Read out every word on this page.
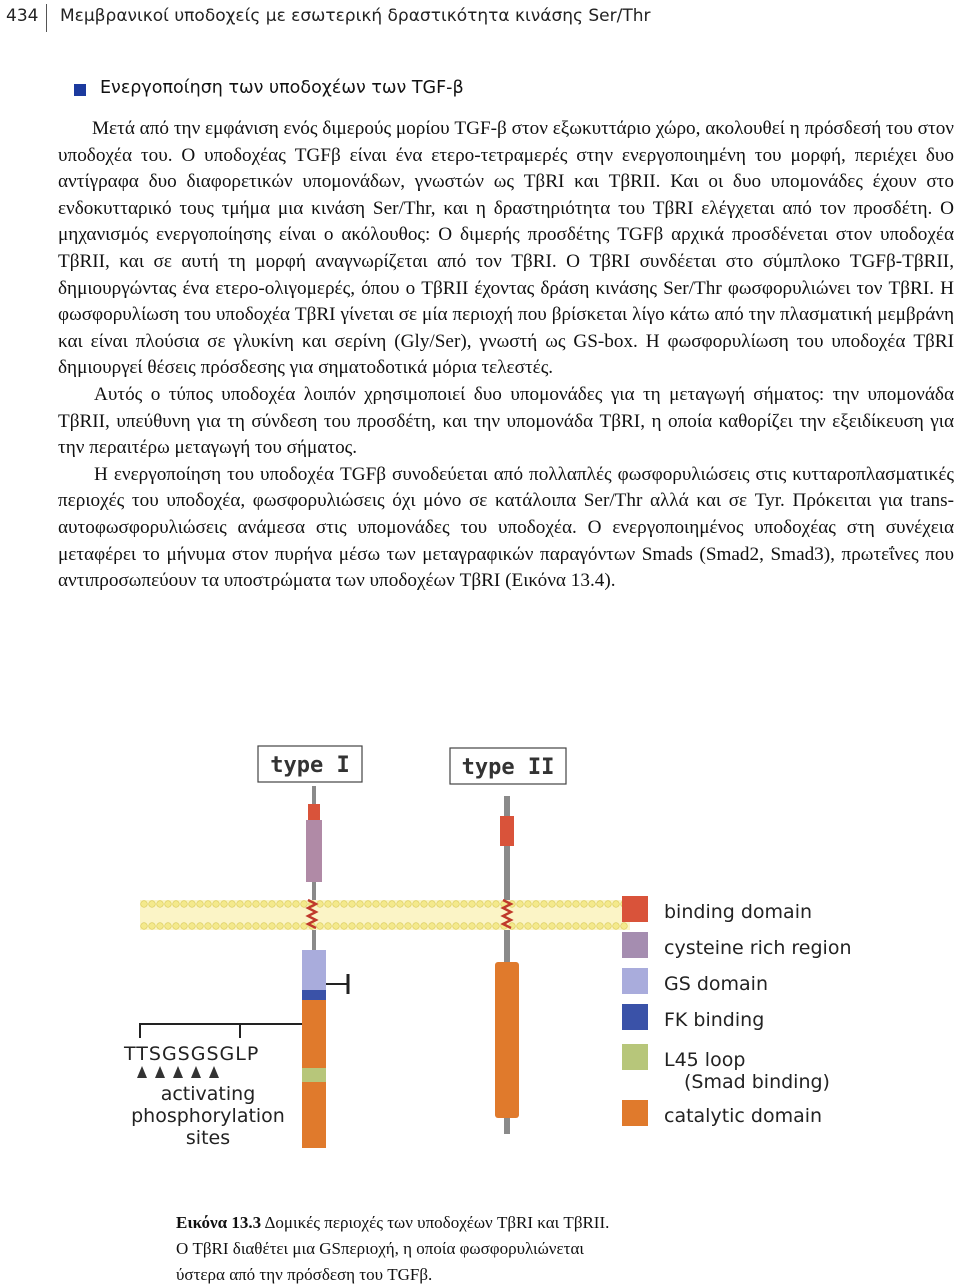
434 Μεμβρανικοί υποδοχείς με εσωτερική δραστικότητα κινάσης Ser/Thr
Ενεργοποίηση των υποδοχέων των TGF-β

Μετά από την εμφάνιση ενός διμερούς μορίου TGF-β στον εξωκυττάριο χώρο, ακολουθεί η πρόσδεσή του στον υποδοχέα του. Ο υποδοχέας TGFβ είναι ένα ετερο-τετραμερές στην ενεργοποιημένη του μορφή, περιέχει δυο αντίγραφα δυο διαφορετικών υπομονάδων, γνωστών ως TβRI και TβRII. Και οι δυο υπομονάδες έχουν στο ενδοκυτταρικό τους τμήμα μια κινάση Ser/Thr, και η δραστηριότητα του TβRI ελέγχεται από τον προσδέτη. Ο μηχανισμός ενεργοποίησης είναι ο ακόλουθος: Ο διμερής προσδέτης TGFβ αρχικά προσδένεται στον υποδοχέα TβRII, και σε αυτή τη μορφή αναγνωρίζεται από τον TβRI. Ο TβRI συνδέεται στο σύμπλοκο TGFβ-TβRII, δημιουργώντας ένα ετερο-ολιγομερές, όπου ο TβRII έχοντας δράση κινάσης Ser/Thr φωσφορυλιώνει τον TβRI. Η φωσφορυλίωση του υποδοχέα TβRI γίνεται σε μία περιοχή που βρίσκεται λίγο κάτω από την πλασματική μεμβράνη και είναι πλούσια σε γλυκίνη και σερίνη (Gly/Ser), γνωστή ως GS-box. Η φωσφορυλίωση του υποδοχέα TβRI δημιουργεί θέσεις πρόσδεσης για σηματοδοτικά μόρια τελεστές.

Αυτός ο τύπος υποδοχέα λοιπόν χρησιμοποιεί δυο υπομονάδες για τη μεταγωγή σήματος: την υπομονάδα TβRII, υπεύθυνη για τη σύνδεση του προσδέτη, και την υπομονάδα TβRI, η οποία καθορίζει την εξειδίκευση για την περαιτέρω μεταγωγή του σήματος.

Η ενεργοποίηση του υποδοχέα TGFβ συνοδεύεται από πολλαπλές φωσφορυλιώσεις στις κυτταροπλασματικές περιοχές του υποδοχέα, φωσφορυλιώσεις όχι μόνο σε κατάλοιπα Ser/Thr αλλά και σε Tyr. Πρόκειται για trans-αυτοφωσφορυλιώσεις ανάμεσα στις υπομονάδες του υποδοχέα. Ο ενεργοποιημένος υποδοχέας στη συνέχεια μεταφέρει το μήνυμα στον πυρήνα μέσω των μεταγραφικών παραγόντων Smads (Smad2, Smad3), πρωτεΐνες που αντιπροσωπεύουν τα υποστρώματα των υποδοχέων TβRI (Εικόνα 13.4).

type I	type II
TTSGSGSGLP
activating
phosphorylation
sites
binding domain
cysteine rich region
GS domain
FK binding
L45 loop
(Smad binding)
catalytic domain
Εικόνα 13.3 Δομικές περιοχές των υποδοχέων TβRI και TβRII.
Ο TβRI διαθέτει μια GSπεριοχή, η οποία φωσφορυλιώνεται
ύστερα από την πρόσδεση του TGFβ.
